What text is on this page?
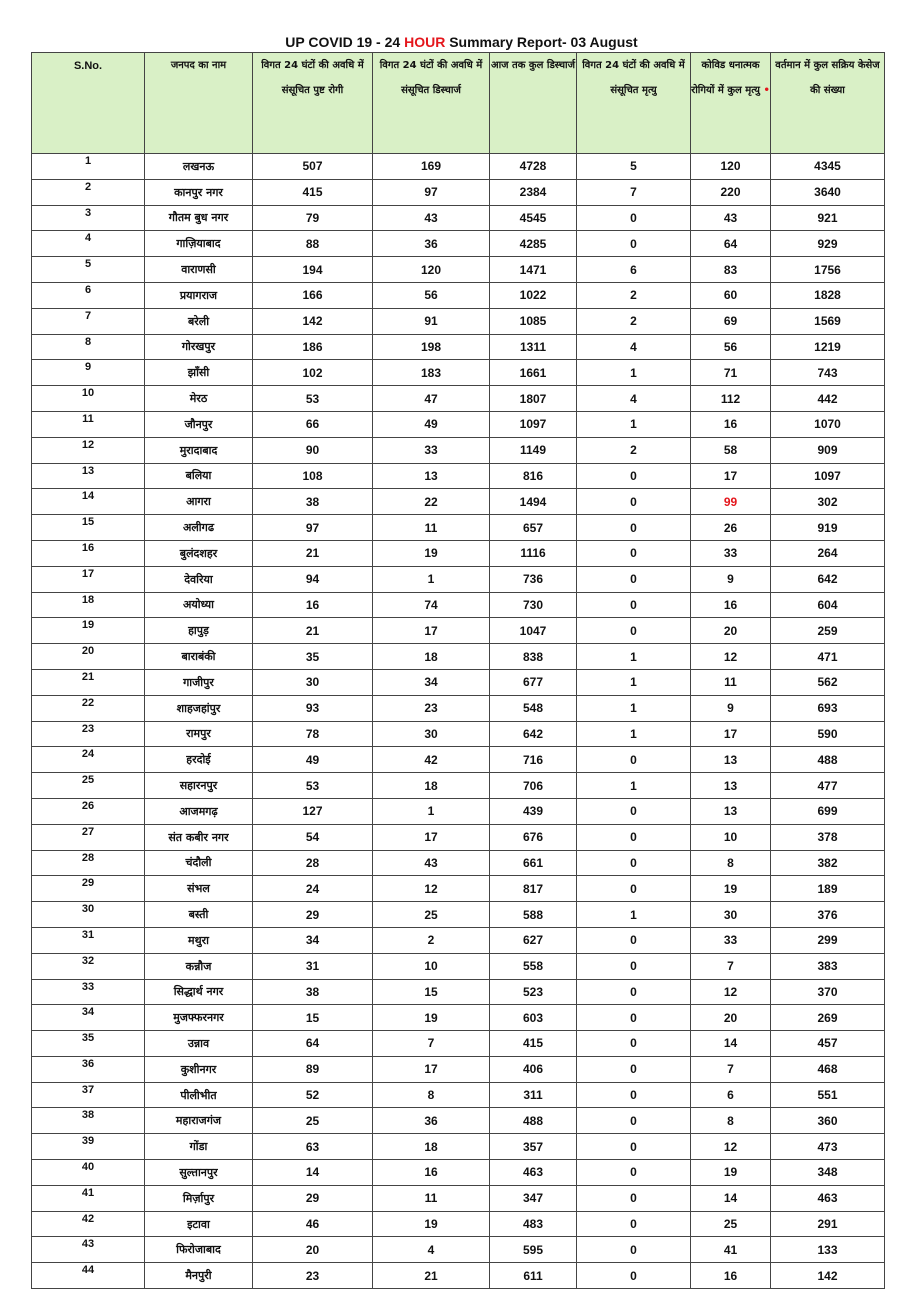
UP COVID 19 - 24 HOUR Summary Report- 03 August
S.No.	जनपद का नाम	विगत 24 घंटों की अवधि में संसूचित पुष्ट रोगी	विगत 24 घंटों की अवधि में संसूचित डिस्चार्ज	आज तक कुल डिस्चार्ज	विगत 24 घंटों की अवधि में संसूचित मृत्यु	कोविड धनात्मक रोगियों में कुल मृत्यु •	वर्तमान में कुल सक्रिय केसेज की संख्या
1	लखनऊ	507	169	4728	5	120	4345
2	कानपुर नगर	415	97	2384	7	220	3640
3	गौतम बुध नगर	79	43	4545	0	43	921
4	गाज़ियाबाद	88	36	4285	0	64	929
5	वाराणसी	194	120	1471	6	83	1756
6	प्रयागराज	166	56	1022	2	60	1828
7	बरेली	142	91	1085	2	69	1569
8	गोरखपुर	186	198	1311	4	56	1219
9	झाँसी	102	183	1661	1	71	743
10	मेरठ	53	47	1807	4	112	442
11	जौनपुर	66	49	1097	1	16	1070
12	मुरादाबाद	90	33	1149	2	58	909
13	बलिया	108	13	816	0	17	1097
14	आगरा	38	22	1494	0	99	302
15	अलीगढ	97	11	657	0	26	919
16	बुलंदशहर	21	19	1116	0	33	264
17	देवरिया	94	1	736	0	9	642
18	अयोध्या	16	74	730	0	16	604
19	हापुड़	21	17	1047	0	20	259
20	बाराबंकी	35	18	838	1	12	471
21	गाजीपुर	30	34	677	1	11	562
22	शाहजहांपुर	93	23	548	1	9	693
23	रामपुर	78	30	642	1	17	590
24	हरदोई	49	42	716	0	13	488
25	सहारनपुर	53	18	706	1	13	477
26	आजमगढ़	127	1	439	0	13	699
27	संत कबीर नगर	54	17	676	0	10	378
28	चंदौली	28	43	661	0	8	382
29	संभल	24	12	817	0	19	189
30	बस्ती	29	25	588	1	30	376
31	मथुरा	34	2	627	0	33	299
32	कन्नौज	31	10	558	0	7	383
33	सिद्धार्थ नगर	38	15	523	0	12	370
34	मुजफ्फरनगर	15	19	603	0	20	269
35	उन्नाव	64	7	415	0	14	457
36	कुशीनगर	89	17	406	0	7	468
37	पीलीभीत	52	8	311	0	6	551
38	महाराजगंज	25	36	488	0	8	360
39	गोंडा	63	18	357	0	12	473
40	सुल्तानपुर	14	16	463	0	19	348
41	मिर्ज़ापुर	29	11	347	0	14	463
42	इटावा	46	19	483	0	25	291
43	फिरोजाबाद	20	4	595	0	41	133
44	मैनपुरी	23	21	611	0	16	142
